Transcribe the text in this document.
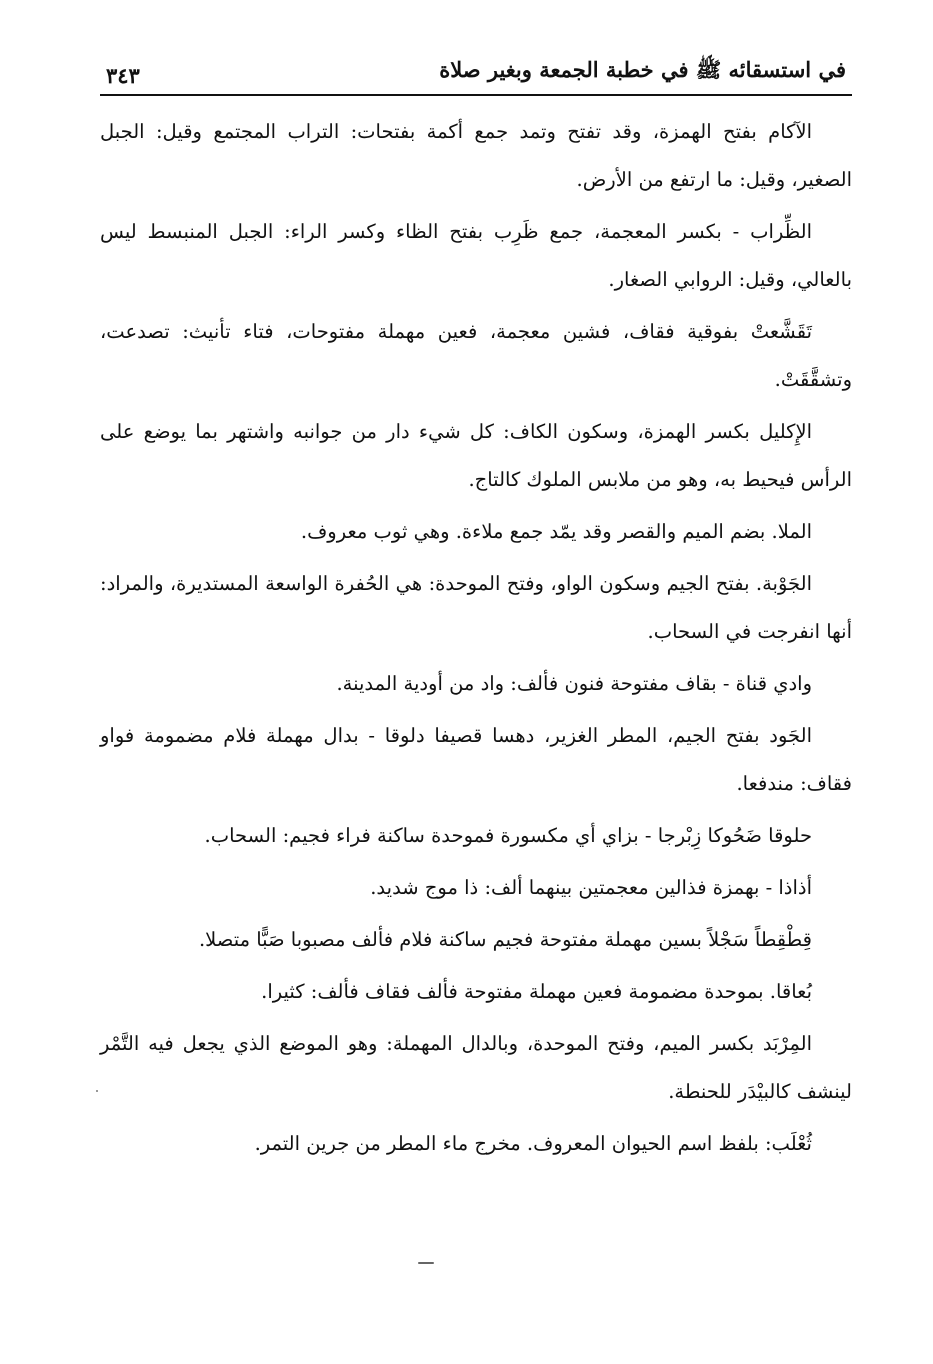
في استسقائه ﷺ في خطبة الجمعة وبغير صلاة
٣٤٣

الآكام بفتح الهمزة، وقد تفتح وتمد جمع أكمة بفتحات: التراب المجتمع وقيل: الجبل الصغير، وقيل: ما ارتفع من الأرض.

الظِّراب - بكسر المعجمة، جمع ظَرِب بفتح الظاء وكسر الراء: الجبل المنبسط ليس بالعالي، وقيل: الروابي الصغار.

تَقَشَّعتْ بفوقية فقاف، فشين معجمة، فعين مهملة مفتوحات، فتاء تأنيث: تصدعت، وتشقَّقَتْ.

الإِكليل بكسر الهمزة، وسكون الكاف: كل شيء دار من جوانبه واشتهر بما يوضع على الرأس فيحيط به، وهو من ملابس الملوك كالتاج.

الملا. بضم الميم والقصر وقد يمّد جمع ملاءة. وهي ثوب معروف.

الجَوْبة. بفتح الجيم وسكون الواو، وفتح الموحدة: هي الحُفرة الواسعة المستديرة، والمراد: أنها انفرجت في السحاب.

وادي قناة - بقاف مفتوحة فنون فألف: واد من أودية المدينة.

الجَود بفتح الجيم، المطر الغزير، دهسا قصيفا دلوقا - بدال مهملة فلام مضمومة فواو فقاف: مندفعا.

حلوقا ضَحُوكا زِبْرجا - بزاي أي مكسورة فموحدة ساكنة فراء فجيم: السحاب.

أذاذا - بهمزة فذالين معجمتين بينهما ألف: ذا موج شديد.

قِطْقِطاً سَجْلاً بسين مهملة مفتوحة فجيم ساكنة فلام فألف مصبوبا صَبًّا متصلا.

بُعاقا. بموحدة مضمومة فعين مهملة مفتوحة فألف فقاف فألف: كثيرا.

المِرْبَد بكسر الميم، وفتح الموحدة، وبالدال المهملة: وهو الموضع الذي يجعل فيه التَّمْر لينشف كالبيْدَر للحنطة.

ثُعْلَب: بلفظ اسم الحيوان المعروف. مخرج ماء المطر من جرين التمر.
